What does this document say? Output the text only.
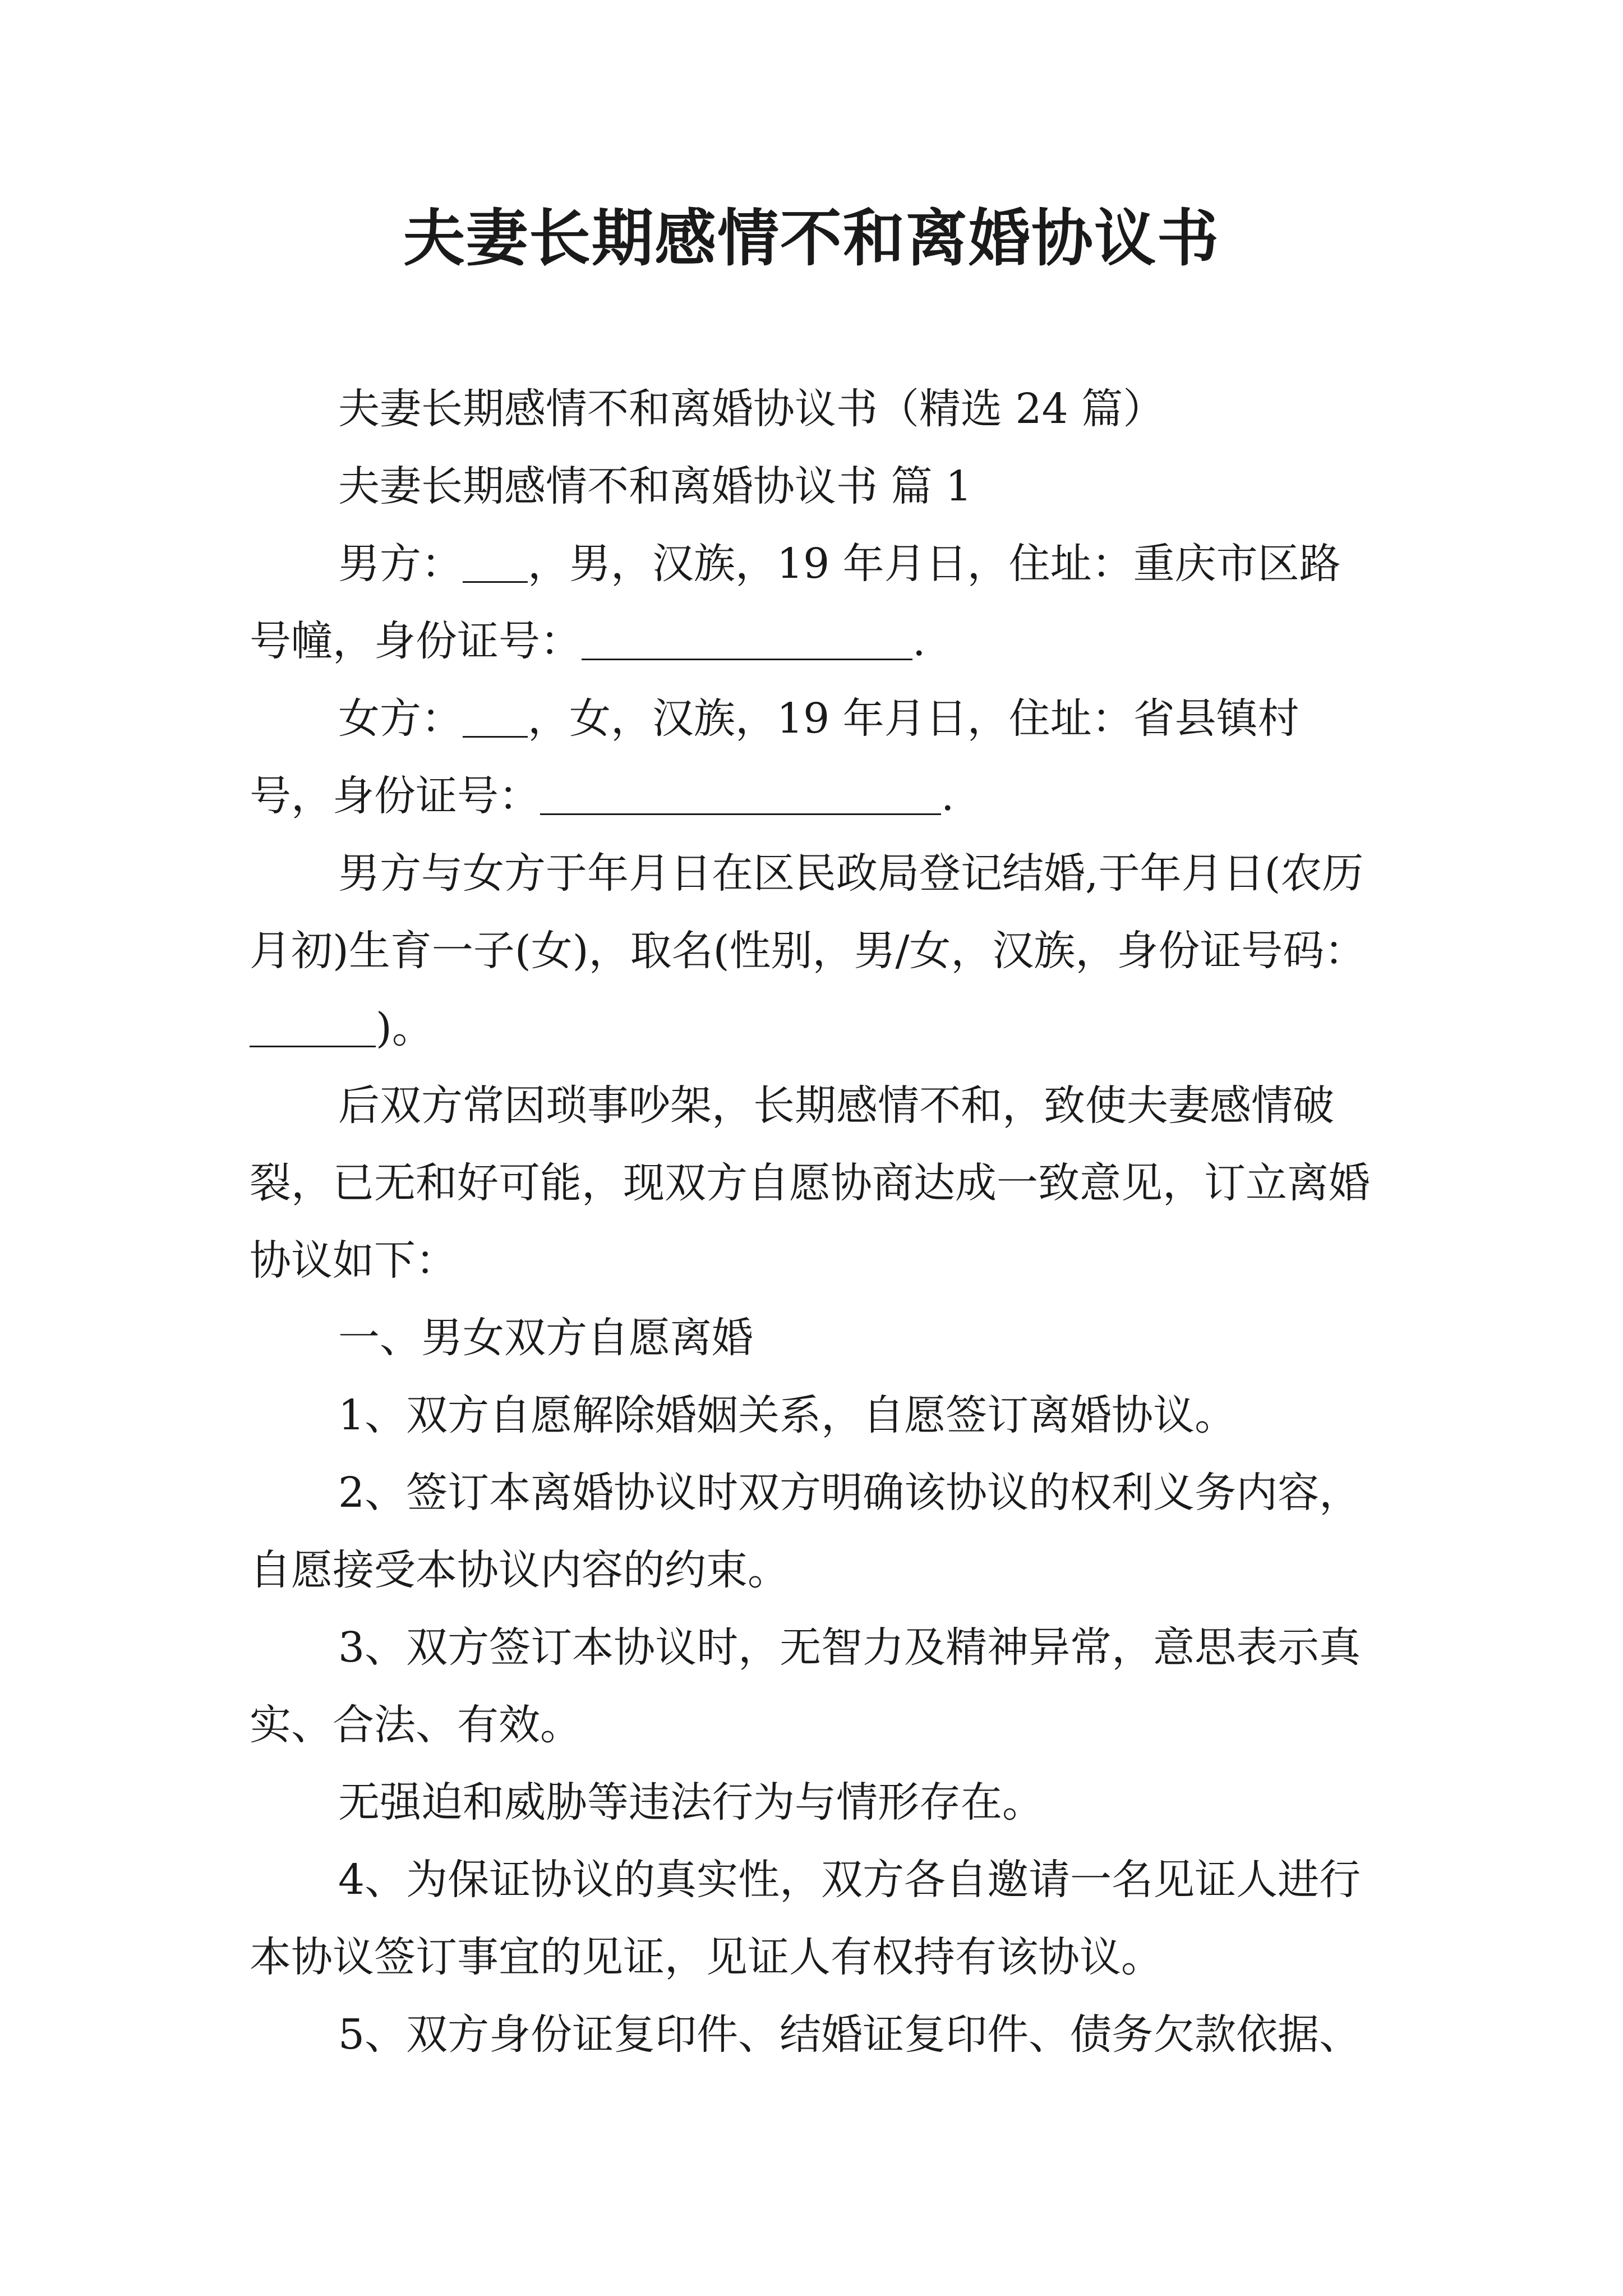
夫妻长期感情不和离婚协议书

夫妻长期感情不和离婚协议书（精选 24 篇）

夫妻长期感情不和离婚协议书 篇 1

男方： ，男，汉族，19 年月日，住址：重庆市区路号幢，身份证号：	.

女方： ，女，汉族，19 年月日，住址：省县镇村号，身份证号：	.

男方与女方于年月日在区民政局登记结婚,于年月日(农历月初)生育一子(女)，取名(性别，男/女，汉族，身份证号码：)。

后双方常因琐事吵架，长期感情不和，致使夫妻感情破裂，已无和好可能，现双方自愿协商达成一致意见，订立离婚协议如下：

一、男女双方自愿离婚

1、双方自愿解除婚姻关系，自愿签订离婚协议。

2、签订本离婚协议时双方明确该协议的权利义务内容，自愿接受本协议内容的约束。

3、双方签订本协议时，无智力及精神异常，意思表示真实、合法、有效。

无强迫和威胁等违法行为与情形存在。

4、为保证协议的真实性，双方各自邀请一名见证人进行本协议签订事宜的见证，见证人有权持有该协议。

5、双方身份证复印件、结婚证复印件、债务欠款依据、
